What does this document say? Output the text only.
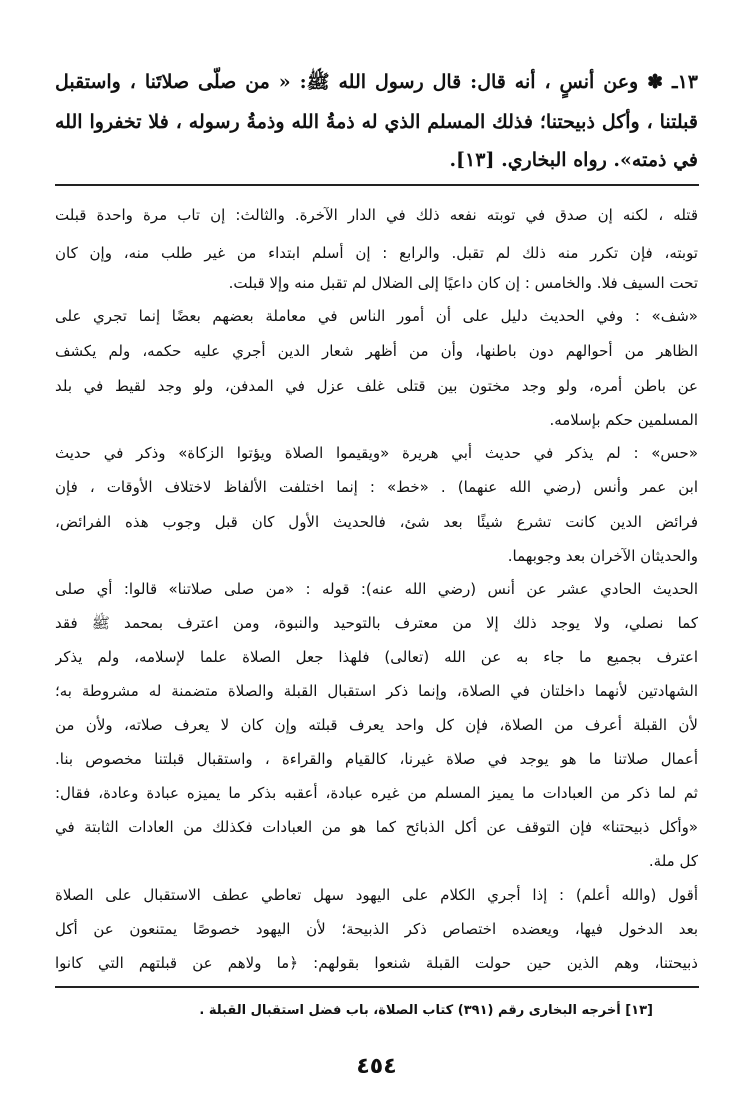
١٣ـ ✽ وعن أنسٍ ، أنه قال: قال رسول الله ﷺ: « من صلّى صلاتَنا ، واستقبل
قبلتنا ، وأكل ذبيحتنا؛ فذلك المسلم الذي له ذمةُ الله وذمةُ رسوله ، فلا تخفروا الله
في ذمته». رواه البخاري. [١٣].
قتله ، لكنه إن صدق في توبته نفعه ذلك في الدار الآخرة. والثالث: إن تاب مرة واحدة قبلت
توبته، فإن تكرر منه ذلك لم تقبل. والرابع : إن أسلم ابتداء من غير طلب منه، وإن كان
تحت السيف فلا. والخامس : إن كان داعيًا إلى الضلال لم تقبل منه وإلا قبلت.
«شف» : وفي الحديث دليل على أن أمور الناس في معاملة بعضهم بعضًا إنما تجري على
الظاهر من أحوالهم دون باطنها، وأن من أظهر شعار الدين أجري عليه حكمه، ولم يكشف
عن باطن أمره، ولو وجد مختون بين قتلى غلف عزل في المدفن، ولو وجد لقيط في بلد
المسلمين حكم بإسلامه.
«حس» : لم يذكر في حديث أبي هريرة «ويقيموا الصلاة ويؤتوا الزكاة» وذكر في حديث
ابن عمر وأنس (رضي الله عنهما) . «خط» : إنما اختلفت الألفاظ لاختلاف الأوقات ، فإن
فرائض الدين كانت تشرع شيئًا بعد شئ، فالحديث الأول كان قبل وجوب هذه الفرائض،
والحديثان الآخران بعد وجوبهما.
الحديث الحادي عشر عن أنس (رضي الله عنه): قوله : «من صلى صلاتنا» قالوا: أي صلى
كما نصلي، ولا يوجد ذلك إلا من معترف بالتوحيد والنبوة، ومن اعترف بمحمد ﷺ فقد
اعترف بجميع ما جاء به عن الله (تعالى) فلهذا جعل الصلاة علما لإسلامه، ولم يذكر
الشهادتين لأنهما داخلتان في الصلاة، وإنما ذكر استقبال القبلة والصلاة متضمنة له مشروطة به؛
لأن القبلة أعرف من الصلاة، فإن كل واحد يعرف قبلته وإن كان لا يعرف صلاته، ولأن من
أعمال صلاتنا ما هو يوجد في صلاة غيرنا، كالقيام والقراءة ، واستقبال قبلتنا مخصوص بنا.
ثم لما ذكر من العبادات ما يميز المسلم من غيره عبادة، أعقبه بذكر ما يميزه عبادة وعادة، فقال:
«وأكل ذبيحتنا» فإن التوقف عن أكل الذبائح كما هو من العبادات فكذلك من العادات الثابتة في
كل ملة.
أقول (والله أعلم) : إذا أجري الكلام على اليهود سهل تعاطي عطف الاستقبال على الصلاة
بعد الدخول فيها، ويعضده اختصاص ذكر الذبيحة؛ لأن اليهود خصوصًا يمتنعون عن أكل
ذبيحتنا، وهم الذين حين حولت القبلة شنعوا بقولهم: ﴿ما ولاهم عن قبلتهم التي كانوا
[١٣] أخرجه البخارى رقم (٣٩١) كتاب الصلاة، باب فضل استقبال القبلة .
٤٥٤
